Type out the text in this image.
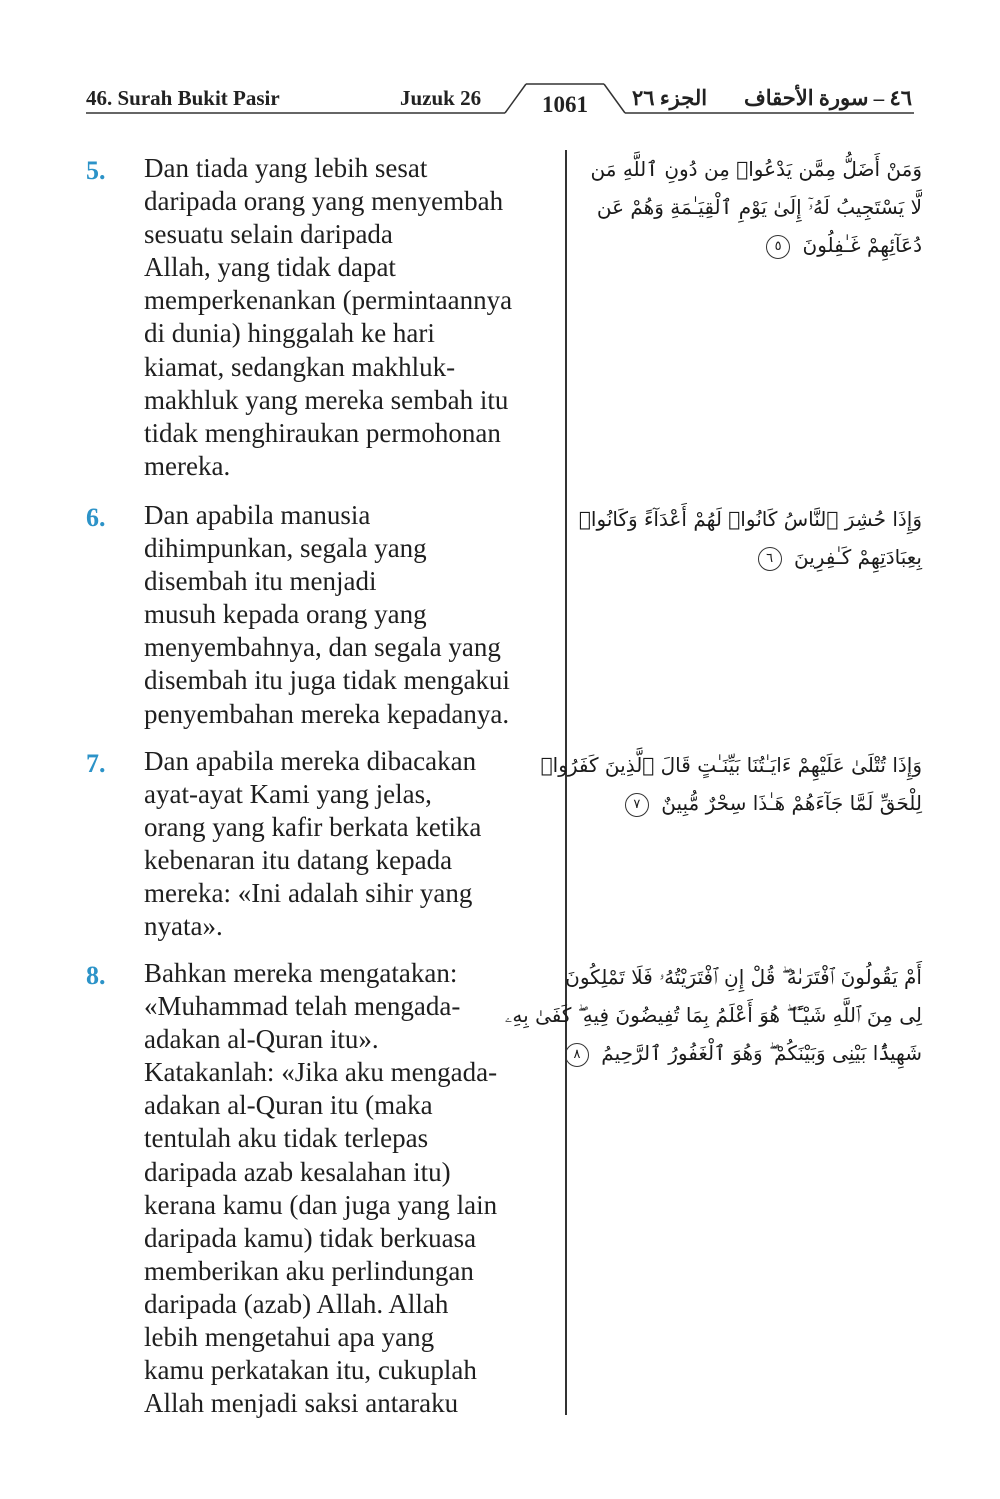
46. Surah Bukit Pasir	Juzuk 26	1061	الجزء ٢٦ ٤٦ – سورة الأحقاف
5.	Dan tiada yang lebih sesat
daripada orang yang menyembah
sesuatu selain daripada
Allah, yang tidak dapat
memperkenankan (permintaannya
di dunia) hinggalah ke hari
kiamat, sedangkan makhluk-
makhluk yang mereka sembah itu
tidak menghiraukan permohonan
mereka.
وَمَنْ أَضَلُّ مِمَّن يَدْعُوا۟ مِن دُونِ ٱللَّهِ مَن
لَّا يَسْتَجِيبُ لَهُۥٓ إِلَىٰ يَوْمِ ٱلْقِيَـٰمَةِ وَهُمْ عَن
دُعَآئِهِمْ غَـٰفِلُونَ ٥
6.	Dan apabila manusia
dihimpunkan, segala yang
disembah itu menjadi
musuh kepada orang yang
menyembahnya, dan segala yang
disembah itu juga tidak mengakui
penyembahan mereka kepadanya.
وَإِذَا حُشِرَ ٱلنَّاسُ كَانُوا۟ لَهُمْ أَعْدَآءً وَكَانُوا۟
بِعِبَادَتِهِمْ كَـٰفِرِينَ ٦
7.	Dan apabila mereka dibacakan
ayat-ayat Kami yang jelas,
orang yang kafir berkata ketika
kebenaran itu datang kepada
mereka: «Ini adalah sihir yang
nyata».
وَإِذَا تُتْلَىٰ عَلَيْهِمْ ءَايَـٰتُنَا بَيِّنَـٰتٍ قَالَ ٱلَّذِينَ كَفَرُوا۟
لِلْحَقِّ لَمَّا جَآءَهُمْ هَـٰذَا سِحْرٌ مُّبِينٌ ٧
8.	Bahkan mereka mengatakan:
«Muhammad telah mengada-
adakan al-Quran itu».
Katakanlah: «Jika aku mengada-
adakan al-Quran itu (maka
tentulah aku tidak terlepas
daripada azab kesalahan itu)
kerana kamu (dan juga yang lain
daripada kamu) tidak berkuasa
memberikan aku perlindungan
daripada (azab) Allah. Allah
lebih mengetahui apa yang
kamu perkatakan itu, cukuplah
Allah menjadi saksi antaraku
أَمْ يَقُولُونَ ٱفْتَرَىٰهُ ۖ قُلْ إِنِ ٱفْتَرَيْتُهُۥ فَلَا تَمْلِكُونَ
لِى مِنَ ٱللَّهِ شَيْـًٔا ۖ هُوَ أَعْلَمُ بِمَا تُفِيضُونَ فِيهِ ۖ كَفَىٰ بِهِۦ
شَهِيدًۢا بَيْنِى وَبَيْنَكُمْ ۖ وَهُوَ ٱلْغَفُورُ ٱلرَّحِيمُ ٨
